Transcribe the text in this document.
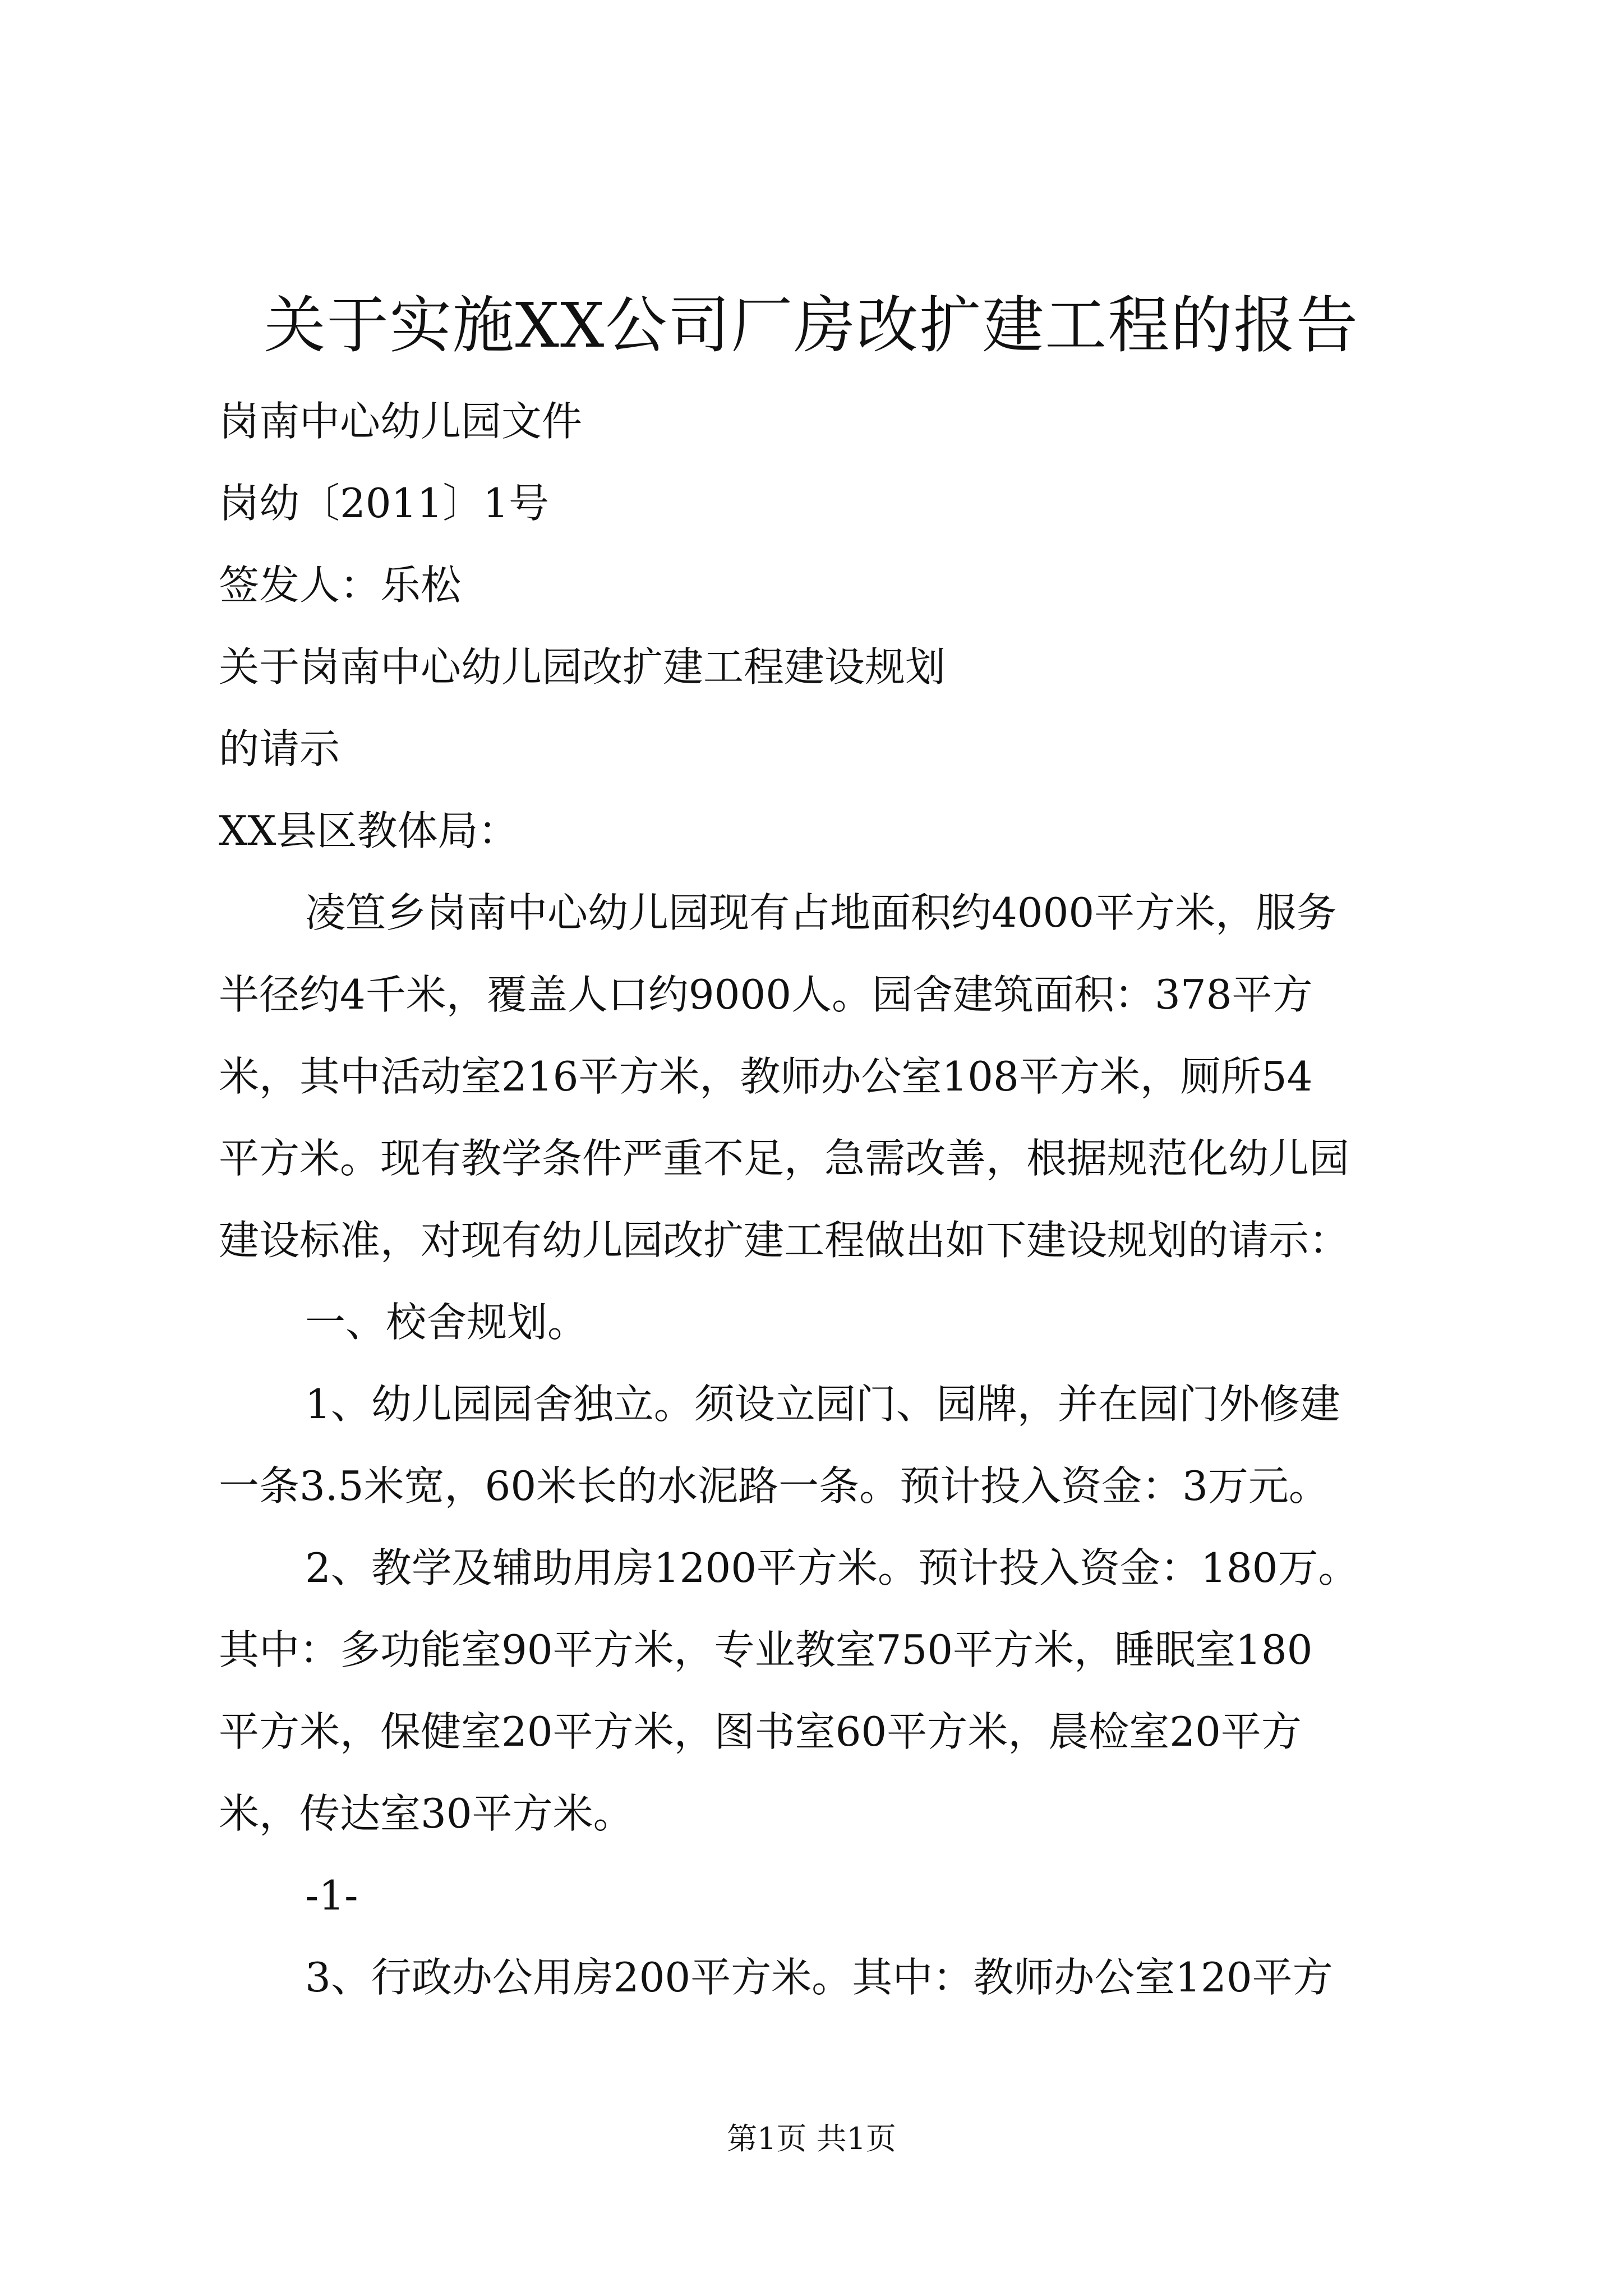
关于实施XX公司厂房改扩建工程的报告
岗南中心幼儿园文件
岗幼〔2011〕1号
签发人：乐松
关于岗南中心幼儿园改扩建工程建设规划
的请示
XX县区教体局：
凌笪乡岗南中心幼儿园现有占地面积约4000平方米，服务
半径约4千米，覆盖人口约9000人。园舍建筑面积：378平方
米，其中活动室216平方米，教师办公室108平方米，厕所54
平方米。现有教学条件严重不足，急需改善，根据规范化幼儿园
建设标准，对现有幼儿园改扩建工程做出如下建设规划的请示：
一、校舍规划。
1、幼儿园园舍独立。须设立园门、园牌，并在园门外修建
一条3.5米宽，60米长的水泥路一条。预计投入资金：3万元。
2、教学及辅助用房1200平方米。预计投入资金：180万。
其中：多功能室90平方米，专业教室750平方米，睡眠室180
平方米，保健室20平方米，图书室60平方米，晨检室20平方
米，传达室30平方米。
-1-
3、行政办公用房200平方米。其中：教师办公室120平方
第1页 共1页
